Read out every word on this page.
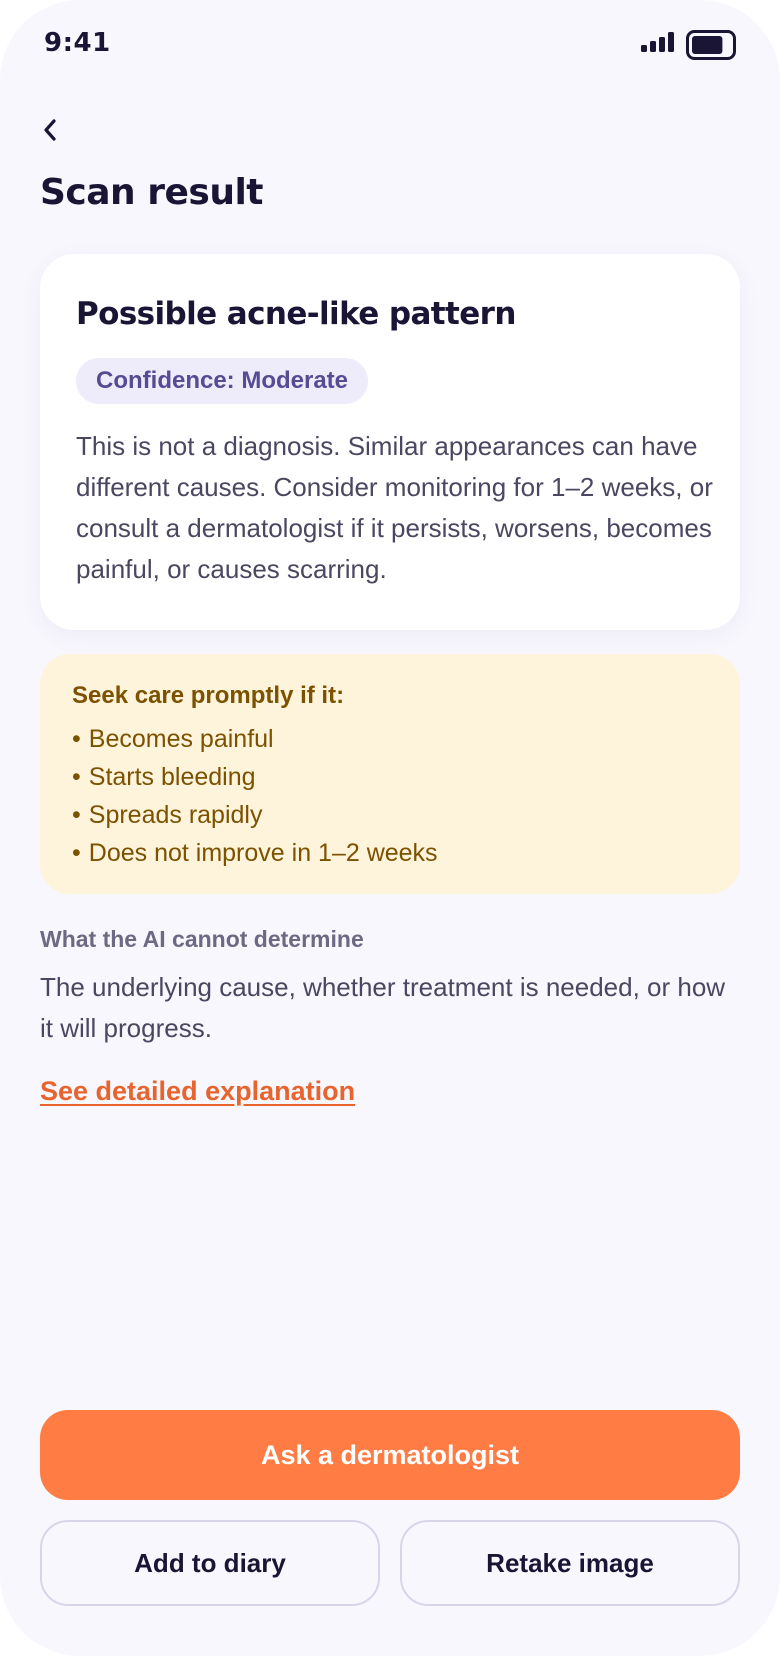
9:41
Scan result
Possible acne-like pattern
Confidence: Moderate

This is not a diagnosis. Similar appearances can have different causes. Consider monitoring for 1–2 weeks, or consult a dermatologist if it persists, worsens, becomes painful, or causes scarring.

Seek care promptly if it:

• Becomes painful
• Starts bleeding
• Spreads rapidly
• Does not improve in 1–2 weeks
What the AI cannot determine

The underlying cause, whether treatment is needed, or how it will progress.

See detailed explanation
Ask a dermatologist
Add to diary	Retake image
